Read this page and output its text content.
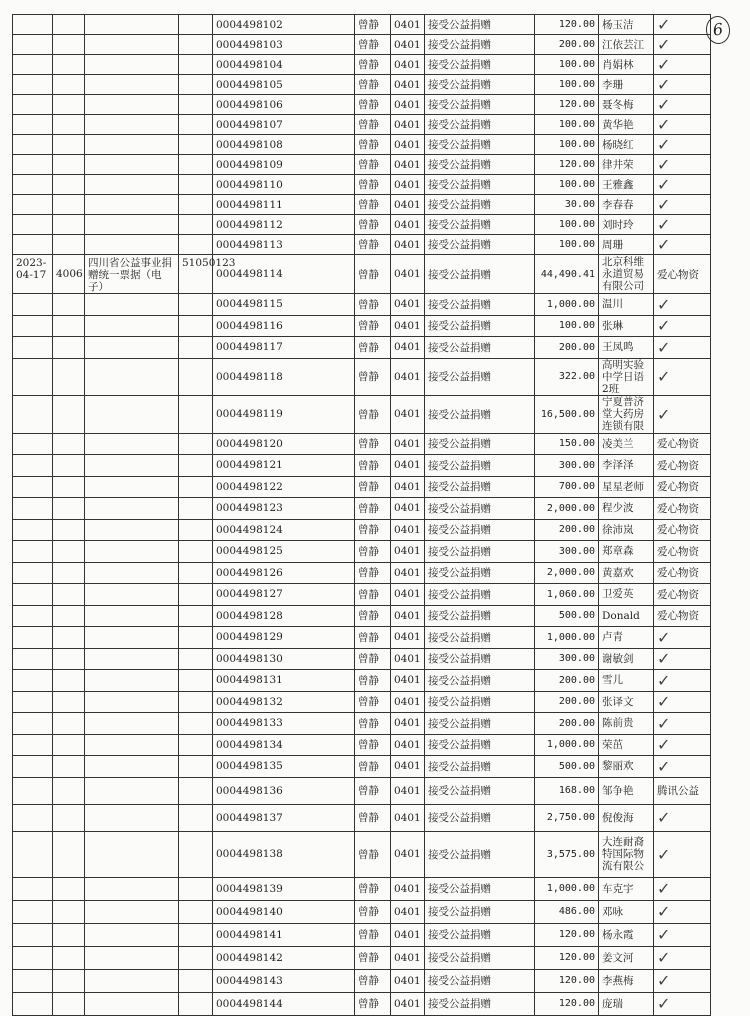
6
				0004498102	曾静	0401	接受公益捐赠	120.00	杨玉洁	✓
				0004498103	曾静	0401	接受公益捐赠	200.00	江依芸江	✓
				0004498104	曾静	0401	接受公益捐赠	100.00	肖娟林	✓
				0004498105	曾静	0401	接受公益捐赠	100.00	李珊	✓
				0004498106	曾静	0401	接受公益捐赠	120.00	聂冬梅	✓
				0004498107	曾静	0401	接受公益捐赠	100.00	黄华艳	✓
				0004498108	曾静	0401	接受公益捐赠	100.00	杨晓红	✓
				0004498109	曾静	0401	接受公益捐赠	120.00	律井荣	✓
				0004498110	曾静	0401	接受公益捐赠	100.00	王雅鑫	✓
				0004498111	曾静	0401	接受公益捐赠	30.00	李春春	✓
				0004498112	曾静	0401	接受公益捐赠	100.00	刘时玲	✓
				0004498113	曾静	0401	接受公益捐赠	100.00	周珊	✓
2023-04-17	4006	四川省公益事业捐赠统一票据（电子）	51050123	0004498114	曾静	0401	接受公益捐赠	44,490.41	北京科维永道贸易有限公司	爱心物资
				0004498115	曾静	0401	接受公益捐赠	1,000.00	温川	✓
				0004498116	曾静	0401	接受公益捐赠	100.00	张琳	✓
				0004498117	曾静	0401	接受公益捐赠	200.00	王凤鸣	✓
				0004498118	曾静	0401	接受公益捐赠	322.00	高明实验中学日语2班	✓
				0004498119	曾静	0401	接受公益捐赠	16,500.00	宁夏普济堂大药房连锁有限	✓
				0004498120	曾静	0401	接受公益捐赠	150.00	凌美兰	爱心物资
				0004498121	曾静	0401	接受公益捐赠	300.00	李泽泽	爱心物资
				0004498122	曾静	0401	接受公益捐赠	700.00	星星老师	爱心物资
				0004498123	曾静	0401	接受公益捐赠	2,000.00	程少波	爱心物资
				0004498124	曾静	0401	接受公益捐赠	200.00	徐沛岚	爱心物资
				0004498125	曾静	0401	接受公益捐赠	300.00	郑章森	爱心物资
				0004498126	曾静	0401	接受公益捐赠	2,000.00	黄嘉欢	爱心物资
				0004498127	曾静	0401	接受公益捐赠	1,060.00	卫爱英	爱心物资
				0004498128	曾静	0401	接受公益捐赠	500.00	Donald	爱心物资
				0004498129	曾静	0401	接受公益捐赠	1,000.00	卢青	✓
				0004498130	曾静	0401	接受公益捐赠	300.00	谢敏剑	✓
				0004498131	曾静	0401	接受公益捐赠	200.00	雪儿	✓
				0004498132	曾静	0401	接受公益捐赠	200.00	张译文	✓
				0004498133	曾静	0401	接受公益捐赠	200.00	陈前贵	✓
				0004498134	曾静	0401	接受公益捐赠	1,000.00	荣茁	✓
				0004498135	曾静	0401	接受公益捐赠	500.00	黎丽欢	✓
				0004498136	曾静	0401	接受公益捐赠	168.00	邹争艳	腾讯公益
				0004498137	曾静	0401	接受公益捐赠	2,750.00	倪俊海	✓
				0004498138	曾静	0401	接受公益捐赠	3,575.00	大连耐裔特国际物流有限公	✓
				0004498139	曾静	0401	接受公益捐赠	1,000.00	车克宇	✓
				0004498140	曾静	0401	接受公益捐赠	486.00	邓咏	✓
				0004498141	曾静	0401	接受公益捐赠	120.00	杨永霞	✓
				0004498142	曾静	0401	接受公益捐赠	120.00	姜文河	✓
				0004498143	曾静	0401	接受公益捐赠	120.00	李燕梅	✓
				0004498144	曾静	0401	接受公益捐赠	120.00	庞瑞	✓
